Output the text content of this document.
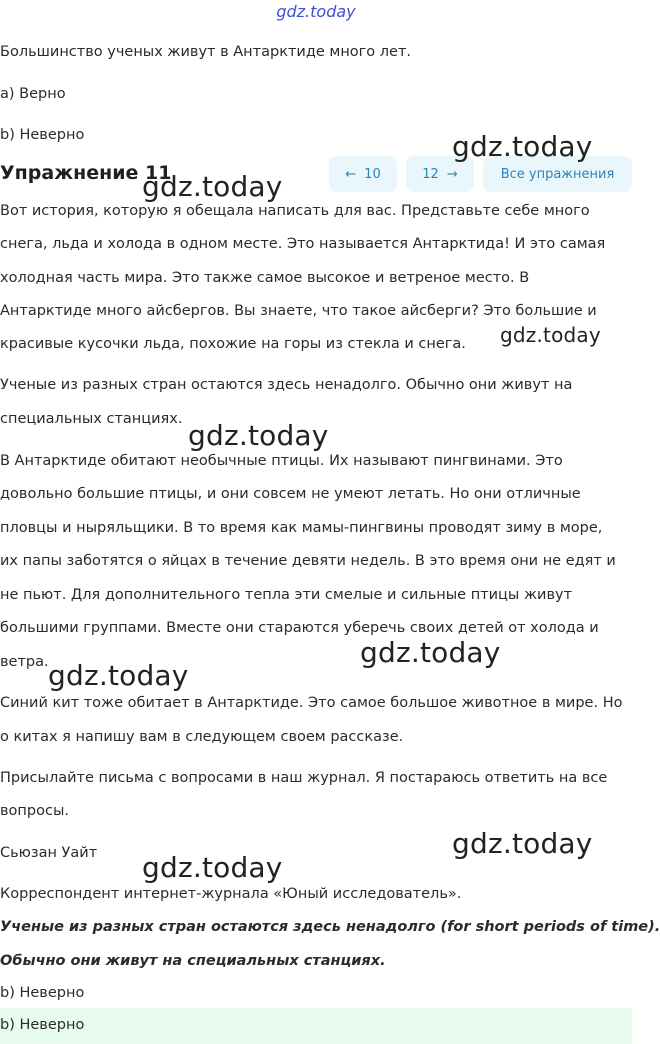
gdz.today
Большинство ученых живут в Антарктиде много лет.
a) Верно
b) Неверно
Упражнение 11	← 10	12 →	Все упражнения
Вот история, которую я обещала написать для вас. Представьте себе много
снега, льда и холода в одном месте. Это называется Антарктида! И это самая
холодная часть мира. Это также самое высокое и ветреное место. В
Антарктиде много айсбергов. Вы знаете, что такое айсберги? Это большие и
красивые кусочки льда, похожие на горы из стекла и снега.
Ученые из разных стран остаются здесь ненадолго. Обычно они живут на
специальных станциях.
В Антарктиде обитают необычные птицы. Их называют пингвинами. Это
довольно большие птицы, и они совсем не умеют летать. Но они отличные
пловцы и ныряльщики. В то время как мамы-пингвины проводят зиму в море,
их папы заботятся о яйцах в течение девяти недель. В это время они не едят и
не пьют. Для дополнительного тепла эти смелые и сильные птицы живут
большими группами. Вместе они стараются уберечь своих детей от холода и
ветра.
Синий кит тоже обитает в Антарктиде. Это самое большое животное в мире. Но
о китах я напишу вам в следующем своем рассказе.
Присылайте письма с вопросами в наш журнал. Я постараюсь ответить на все
вопросы.
Сьюзан Уайт
Корреспондент интернет-журнала «Юный исследователь».
Ученые из разных стран остаются здесь ненадолго (for short periods of time).
Обычно они живут на специальных станциях.
b) Неверно
b) Неверно
gdz.today
gdz.today
gdz.today
gdz.today
gdz.today
gdz.today
gdz.today
gdz.today
